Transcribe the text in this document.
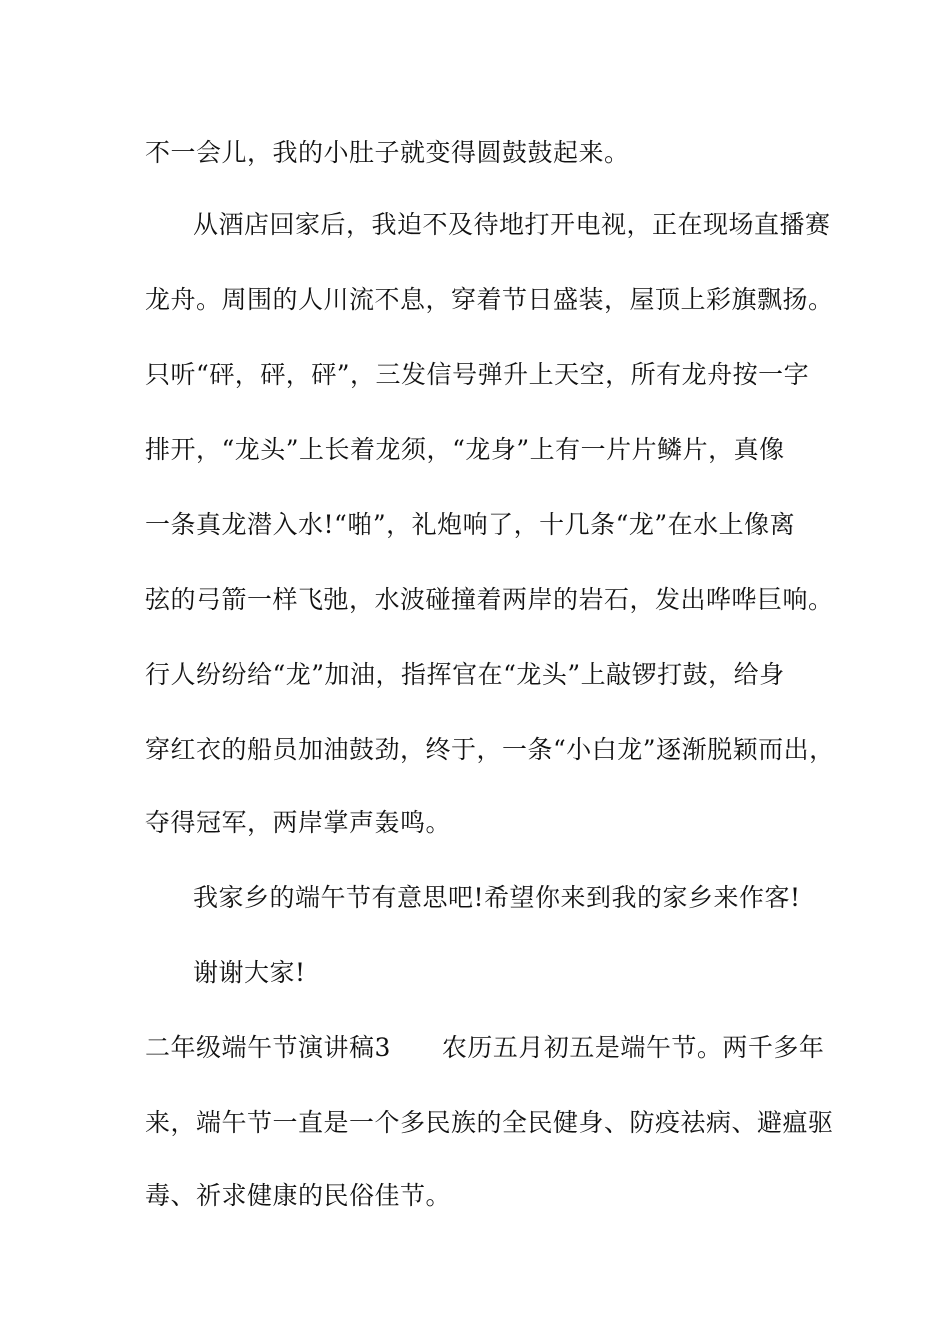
不一会儿，我的小肚子就变得圆鼓鼓起来。
从酒店回家后，我迫不及待地打开电视，正在现场直播赛
龙舟。周围的人川流不息，穿着节日盛装，屋顶上彩旗飘扬。
只听“砰，砰，砰”，三发信号弹升上天空，所有龙舟按一字
排开，“龙头”上长着龙须，“龙身”上有一片片鳞片，真像
一条真龙潜入水!“啪”，礼炮响了，十几条“龙”在水上像离
弦的弓箭一样飞弛，水波碰撞着两岸的岩石，发出哗哗巨响。
行人纷纷给“龙”加油，指挥官在“龙头”上敲锣打鼓，给身
穿红衣的船员加油鼓劲，终于，一条“小白龙”逐渐脱颖而出，
夺得冠军，两岸掌声轰鸣。
我家乡的端午节有意思吧!希望你来到我的家乡来作客!
谢谢大家!
二年级端午节演讲稿3　　农历五月初五是端午节。两千多年
来，端午节一直是一个多民族的全民健身、防疫祛病、避瘟驱
毒、祈求健康的民俗佳节。
